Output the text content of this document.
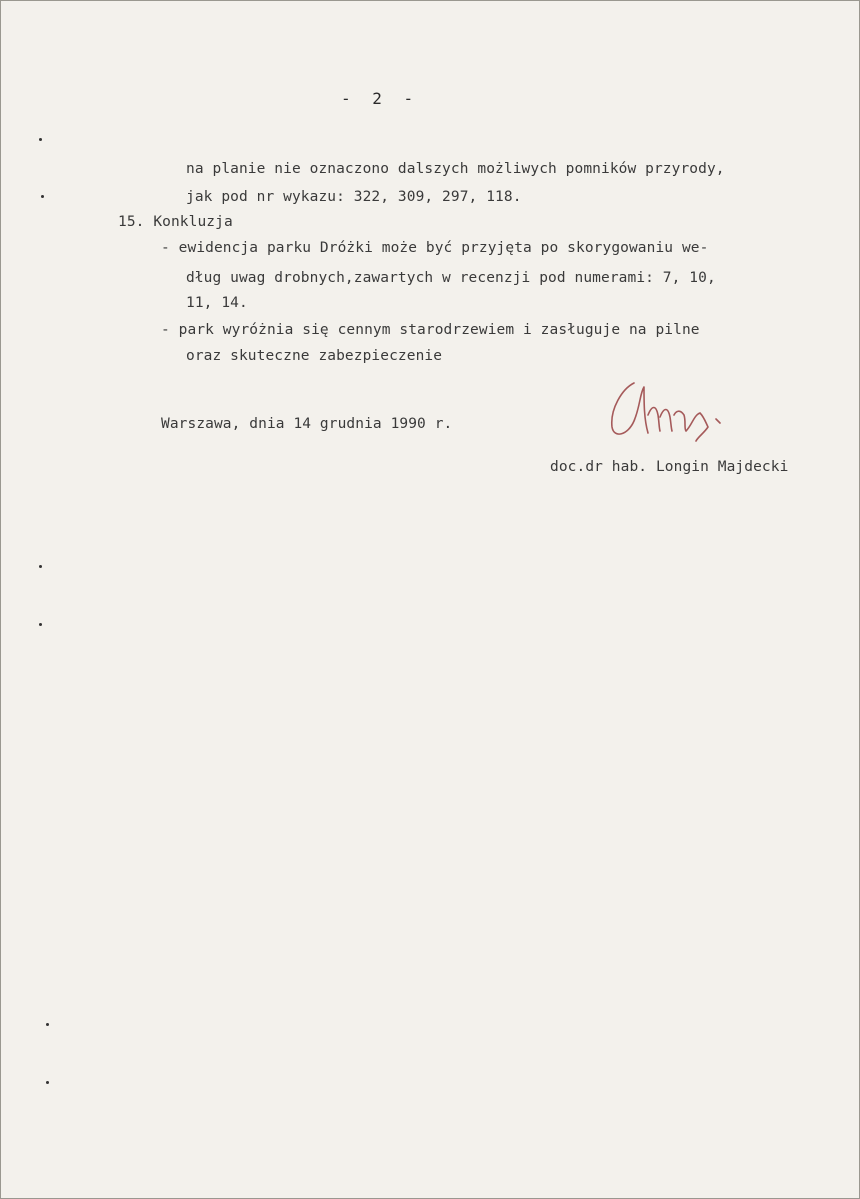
- 2 -
na planie nie oznaczono dalszych możliwych pomników przyrody,
jak pod nr wykazu: 322, 309, 297, 118.
15. Konkluzja
- ewidencja parku Dróżki może być przyjęta po skorygowaniu we-
dług uwag drobnych,zawartych w recenzji pod numerami: 7, 10,
11, 14.
- park wyróżnia się cennym starodrzewiem i zasługuje na pilne
oraz skuteczne zabezpieczenie
Warszawa, dnia 14 grudnia 1990 r.
doc.dr hab. Longin Majdecki
